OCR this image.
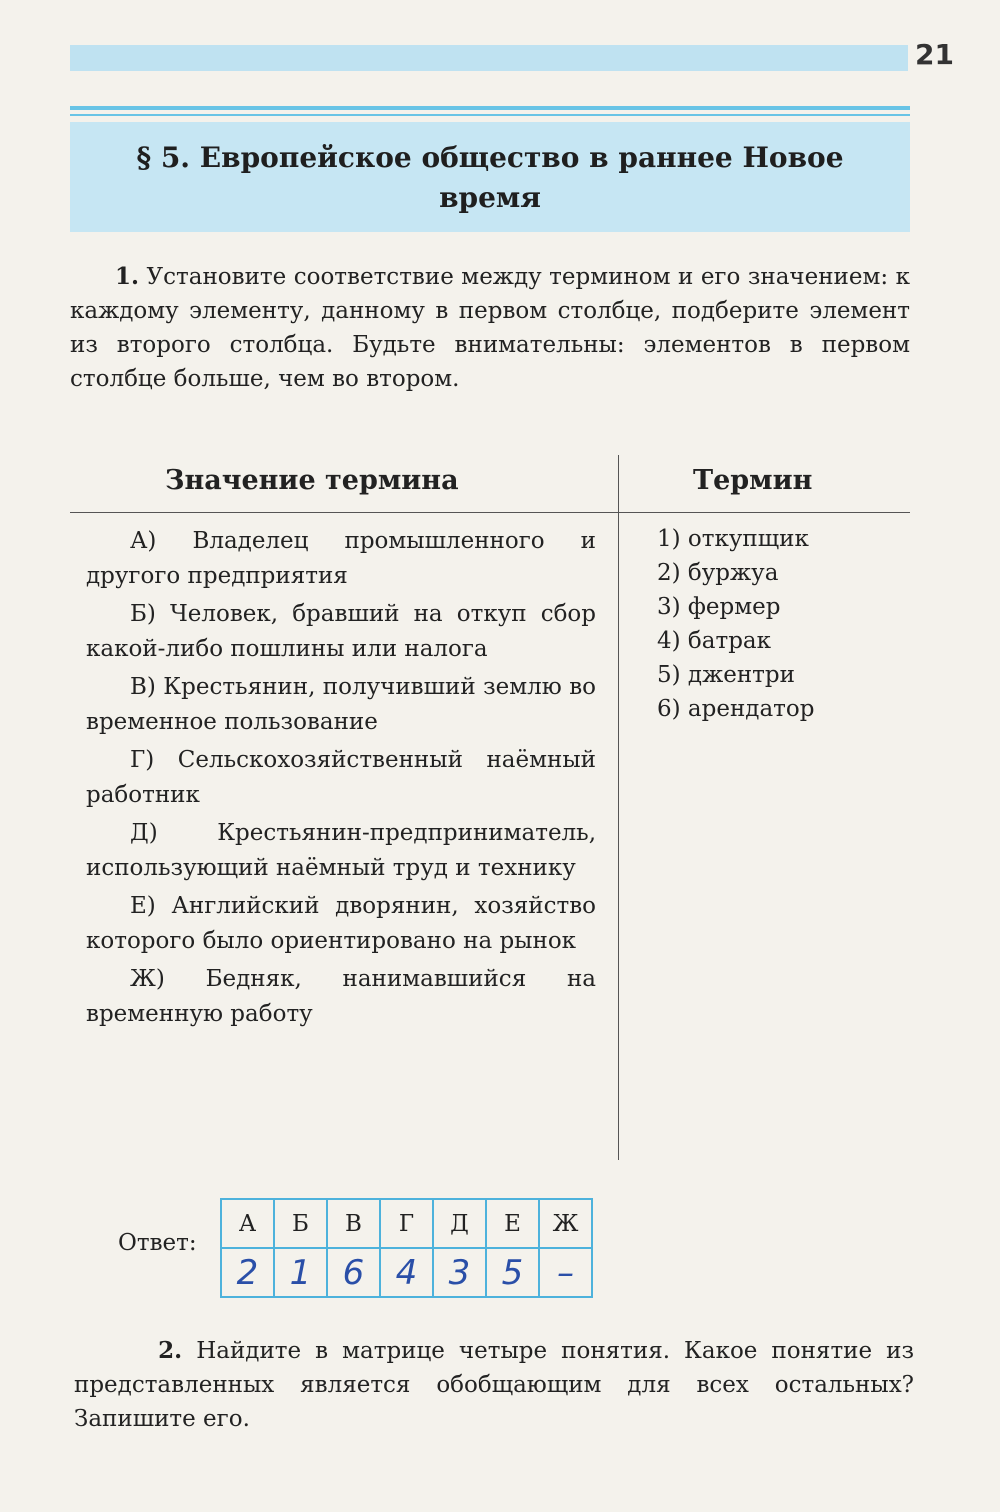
21
§ 5. Европейское общество в раннее Новое время
1. Установите соответствие между термином и его значением: к каждому элементу, данному в первом столбце, подберите элемент из второго столбца. Будьте внимательны: элементов в первом столбце больше, чем во втором.
Значение термина	Термин
А) Владелец промышленного и другого предприятия
Б) Человек, бравший на откуп сбор какой-либо пошлины или налога
В) Крестьянин, получивший землю во временное пользование
Г) Сельскохозяйственный наёмный работник
Д) Крестьянин-предприниматель, использующий наёмный труд и технику
Е) Английский дворянин, хозяйство которого было ориентировано на рынок
Ж) Бедняк, нанимавшийся на временную работу
1) откупщик
2) буржуа
3) фермер
4) батрак
5) джентри
6) арендатор
Ответ:
А	Б	В	Г	Д	Е	Ж
2	1	6	4	3	5	–
2. Найдите в матрице четыре понятия. Какое понятие из представленных является обобщающим для всех остальных? Запишите его.
